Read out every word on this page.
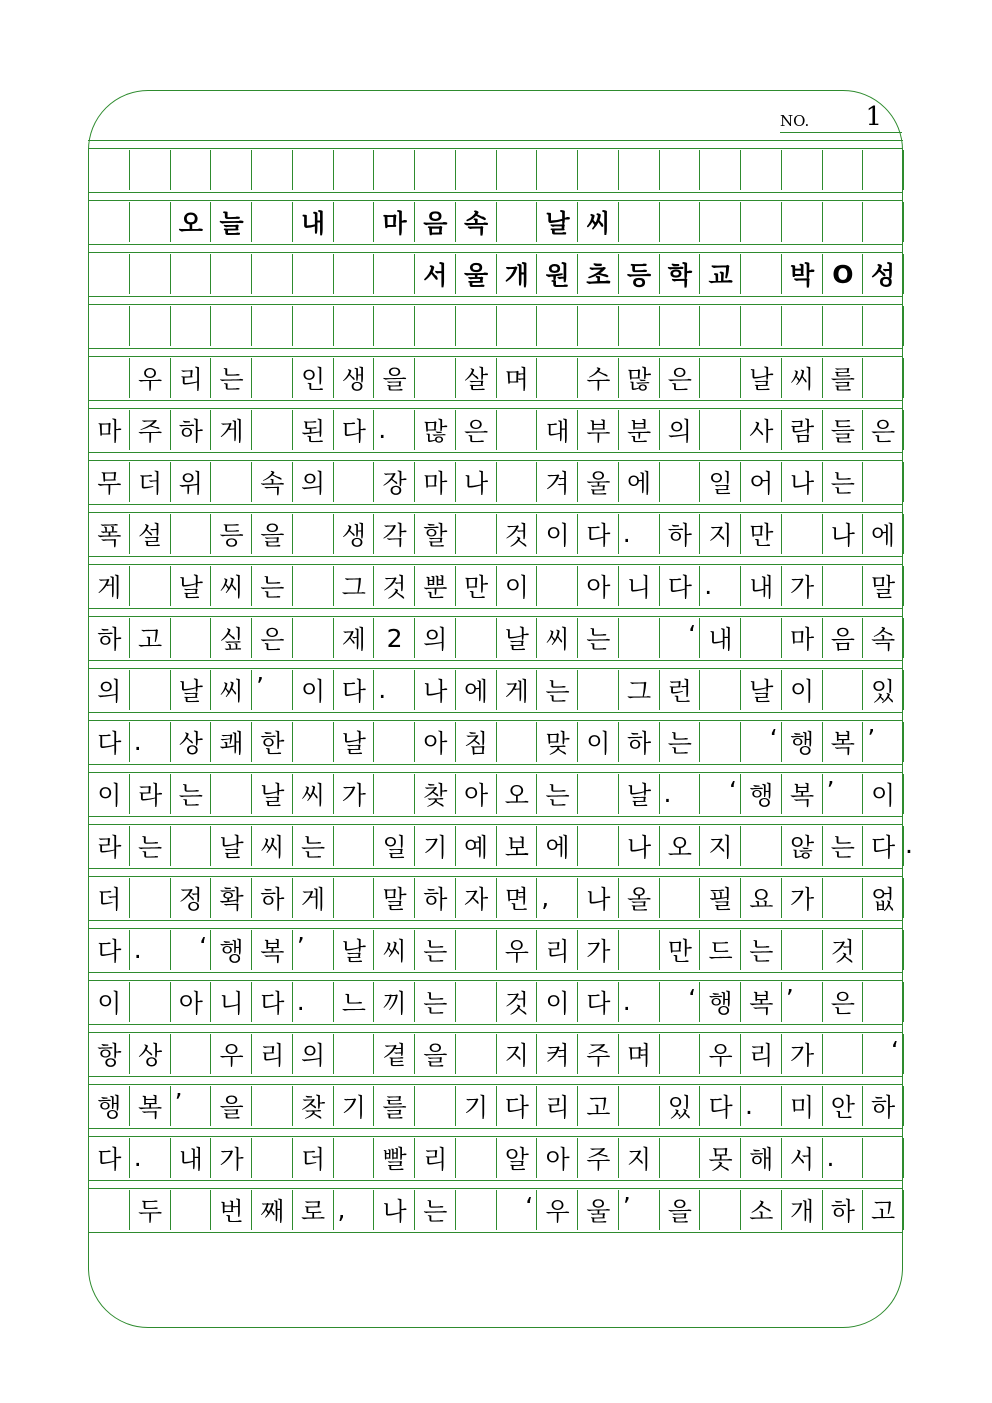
NO. 1
오 늘	내	마 음 속	날 씨
서 울 개 원 초 등 학 교	박 O 성
우 리 는	인 생 을	살 며	수 많 은	날 씨 를
마 주 하 게	된 다 .	많 은	대 부 분 의	사 람 들 은
무 더 위	속 의	장 마 나	겨 울 에	일 어 나 는
폭 설	등 을	생 각 할	것 이 다 .	하 지 만	나 에
게	날 씨 는	그 것 뿐 만 이	아 니 다 .	내 가	말
하 고	싶 은	제 2 의	날 씨 는	‘ 내	마 음 속
의	날 씨 ’	이 다 .	나 에 게 는	그 런	날 이	있
다 .	상 쾌 한	날	아 침	맞 이 하 는	‘ 행 복 ’
이 라 는	날 씨 가	찾 아 오 는	날 .	‘ 행 복 ’	이
라 는	날 씨 는	일 기 예 보 에	나 오 지	않 는 다 .
더	정 확 하 게	말 하 자 면 ,	나 올	필 요 가	없
다 .	‘ 행 복 ’	날 씨 는	우 리 가	만 드 는	것
이	아 니 다 .	느 끼 는	것 이 다 .	‘ 행 복 ’	은
항 상	우 리 의	곁 을	지 켜 주 며	우 리 가	‘
행 복 ’	을	찾 기 를	기 다 리 고	있 다 .	미 안 하
다 .	내 가	더	빨 리	알 아 주 지	못 해 서 .
두	번 째 로 ,	나 는	‘ 우 울 ’	을	소 개 하 고
